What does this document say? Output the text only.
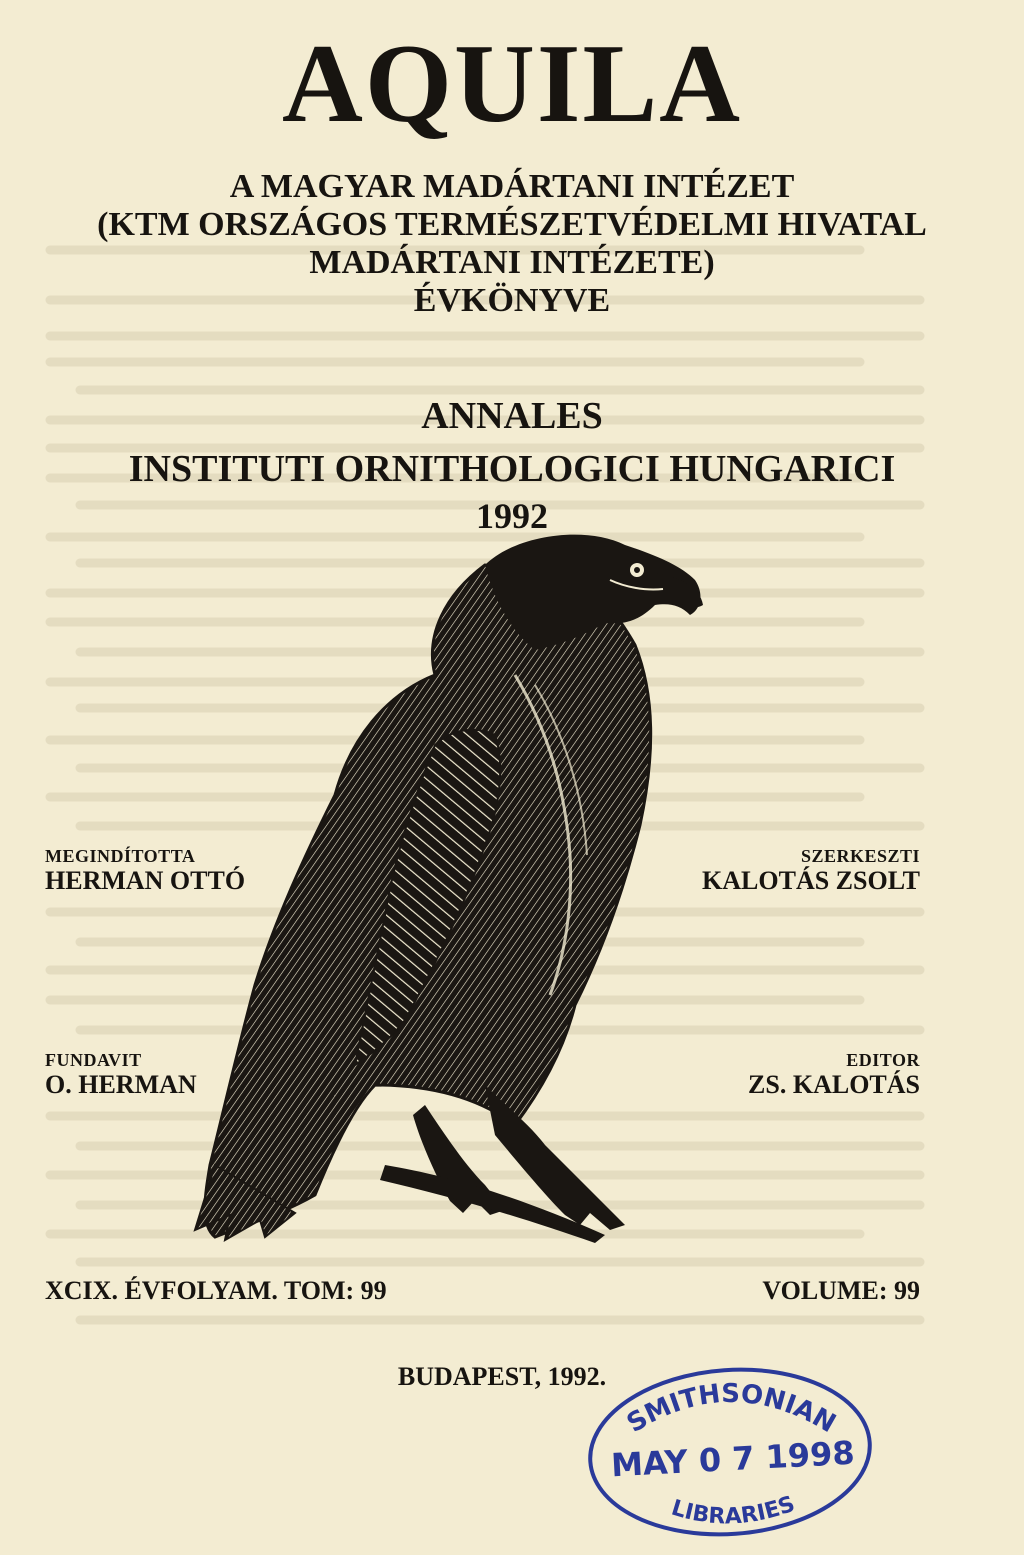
AQUILA
A MAGYAR MADÁRTANI INTÉZET
(KTM ORSZÁGOS TERMÉSZETVÉDELMI HIVATAL
MADÁRTANI INTÉZETE)
ÉVKÖNYVE
ANNALES
INSTITUTI ORNITHOLOGICI HUNGARICI
1992
MEGINDÍTOTTA
HERMAN OTTÓ
SZERKESZTI
KALOTÁS ZSOLT
FUNDAVIT
O. HERMAN
EDITOR
ZS. KALOTÁS
XCIX. ÉVFOLYAM. TOM: 99	VOLUME: 99
BUDAPEST, 1992.
SMITHSONIAN
MAY 0 7 1998
LIBRARIES
